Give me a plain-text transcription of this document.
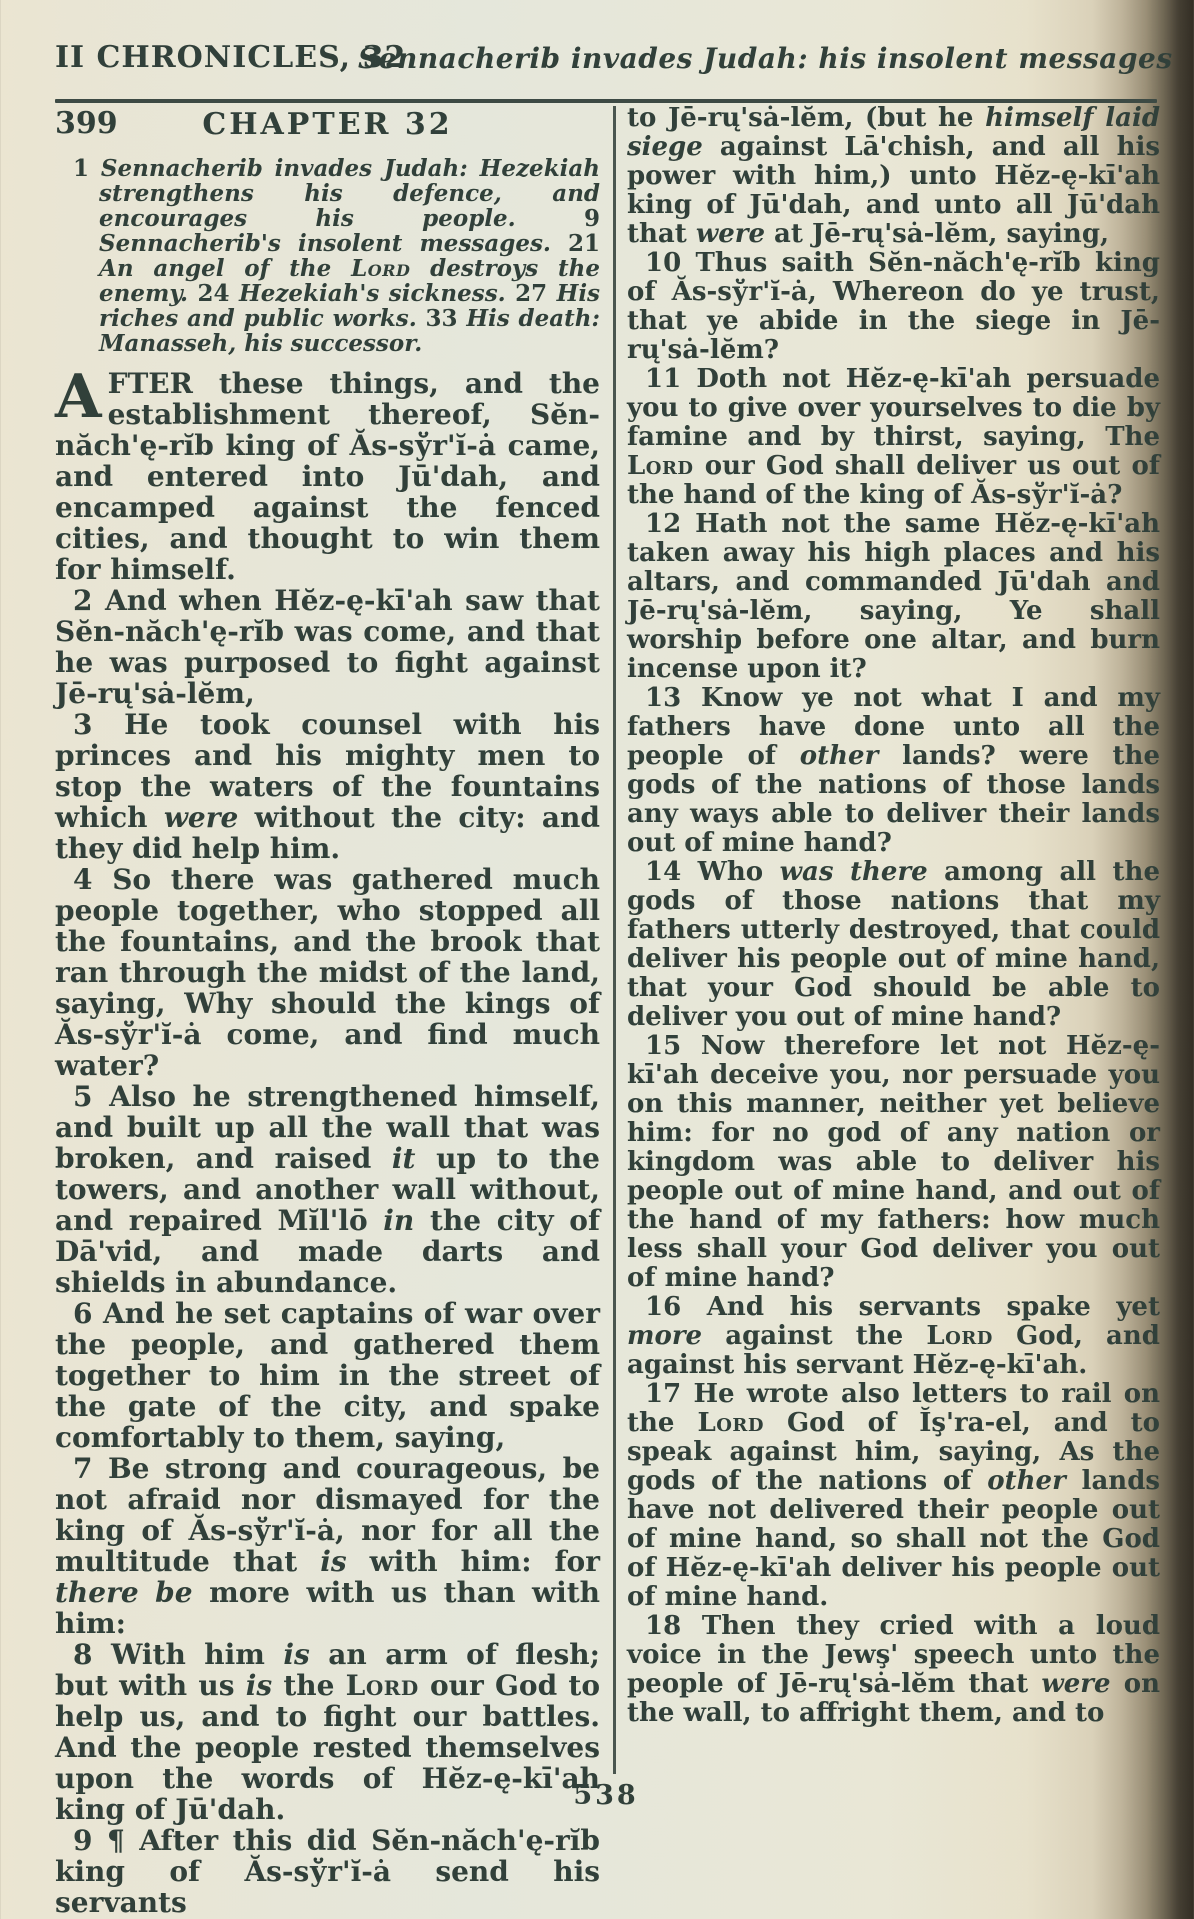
II CHRONICLES, 32
Sennacherib invades Judah: his insolent messages
399	CHAPTER 32

1 Sennacherib invades Judah: Hezekiah strengthens his defence, and encourages his people. 9 Sennacherib's insolent messages. 21 An angel of the Lord destroys the enemy. 24 Hezekiah's sickness. 27 His riches and public works. 33 His death: Manasseh, his successor.

AFTER these things, and the establishment thereof, Sĕn-năch'ę-rĭb king of Ăs-sўr'ĭ-ȧ came, and entered into Jū'dah, and encamped against the fenced cities, and thought to win them for himself.

2 And when Hĕz-ę-kī'ah saw that Sĕn-năch'ę-rĭb was come, and that he was purposed to fight against Jē-rų'sȧ-lĕm,

3 He took counsel with his princes and his mighty men to stop the waters of the fountains which were without the city: and they did help him.

4 So there was gathered much people together, who stopped all the fountains, and the brook that ran through the midst of the land, saying, Why should the kings of Ăs-sўr'ĭ-ȧ come, and find much water?

5 Also he strengthened himself, and built up all the wall that was broken, and raised it up to the towers, and another wall without, and repaired Mĭl'lō in the city of Dā'vid, and made darts and shields in abundance.

6 And he set captains of war over the people, and gathered them together to him in the street of the gate of the city, and spake comfortably to them, saying,

7 Be strong and courageous, be not afraid nor dismayed for the king of Ăs-sўr'ĭ-ȧ, nor for all the multitude that is with him: for there be more with us than with him:

8 With him is an arm of flesh; but with us is the Lord our God to help us, and to fight our battles. And the people rested themselves upon the words of Hĕz-ę-kī'ah king of Jū'dah.

9 ¶ After this did Sĕn-năch'ę-rĭb king of Ăs-sўr'ĭ-ȧ send his servants

to Jē-rų'sȧ-lĕm, (but he himself laid siege against Lā'chish, and all his power with him,) unto Hĕz-ę-kī'ah king of Jū'dah, and unto all Jū'dah that were at Jē-rų'sȧ-lĕm, saying,

10 Thus saith Sĕn-năch'ę-rĭb king of Ăs-sўr'ĭ-ȧ, Whereon do ye trust, that ye abide in the siege in Jē-rų'sȧ-lĕm?

11 Doth not Hĕz-ę-kī'ah persuade you to give over yourselves to die by famine and by thirst, saying, The Lord our God shall deliver us out of the hand of the king of Ăs-sўr'ĭ-ȧ?

12 Hath not the same Hĕz-ę-kī'ah taken away his high places and his altars, and commanded Jū'dah and Jē-rų'sȧ-lĕm, saying, Ye shall worship before one altar, and burn incense upon it?

13 Know ye not what I and my fathers have done unto all the people of other lands? were the gods of the nations of those lands any ways able to deliver their lands out of mine hand?

14 Who was there among all the gods of those nations that my fathers utterly destroyed, that could deliver his people out of mine hand, that your God should be able to deliver you out of mine hand?

15 Now therefore let not Hĕz-ę-kī'ah deceive you, nor persuade you on this manner, neither yet believe him: for no god of any nation or kingdom was able to deliver his people out of mine hand, and out of the hand of my fathers: how much less shall your God deliver you out of mine hand?

16 And his servants spake yet more against the Lord God, and against his servant Hĕz-ę-kī'ah.

17 He wrote also letters to rail on the Lord God of Ĭş'ra-el, and to speak against him, saying, As the gods of the nations of other lands have not delivered their people out of mine hand, so shall not the God of Hĕz-ę-kī'ah deliver his people out of mine hand.

18 Then they cried with a loud voice in the Jewş' speech unto the people of Jē-rų'sȧ-lĕm that were on the wall, to affright them, and to

538
